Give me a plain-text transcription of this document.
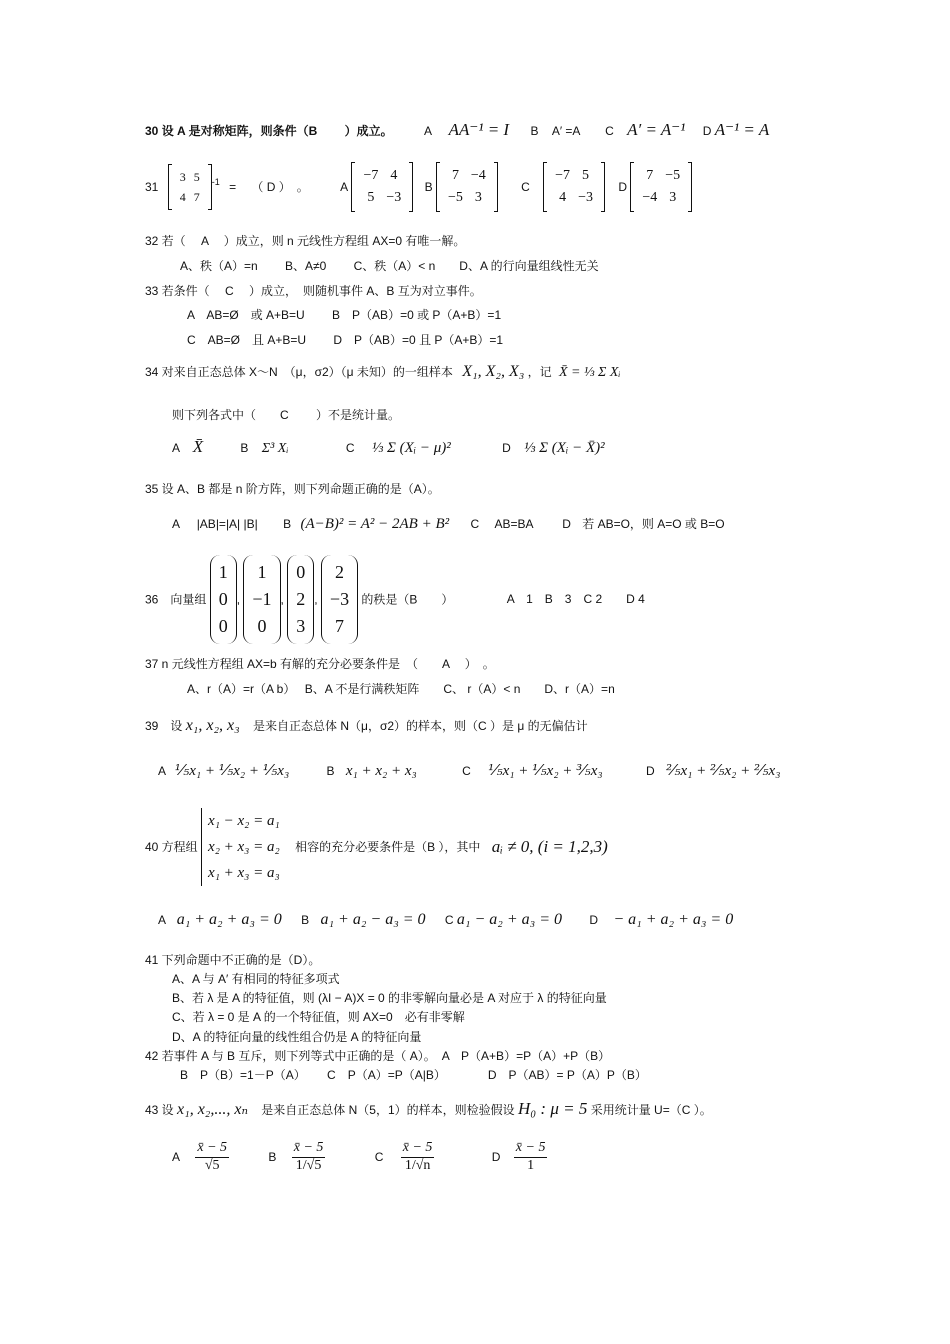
30 设 A 是对称矩阵，则条件（B　　 ）成立。	A AA⁻¹ = I B A′ =A C A′ = A⁻¹ D A⁻¹ = A
31
3	5
4	7
$^{-1}$ = （ D ）　。	A
−7	4
5	−3
B
7	−4
−5	3
C
−7	5
4	−3
D
7	−5
−4	3
32 若（　 A　 ）成立，则 n 元线性方程组 AX=0 有唯一解。
A、秩（A）=n　　 B、A≠0　　 C、秩（A）< n　　D、A 的行向量组线性无关
33 若条件（　 C　 ）成立，　则随机事件 A、B 互为对立事件。
A　AB=Ø　或 A+B=U　　 B　P（AB）=0 或 P（A+B）=1
C　AB=Ø　且 A+B=U　　 D　P（AB）=0 且 P（A+B）=1
34 对来自正态总体 X～N　（μ，σ2）（μ 未知）的一组样本 X₁, X₂, X₃ ，记 X̄ = ⅓ Σ Xᵢ
则下列各式中（　　C　　 ）不是统计量。
A X̄	B Σ³ Xᵢ	C ⅓ Σ (Xᵢ − μ)²	D ⅓ Σ (Xᵢ − X̄)²
35 设 A、B 都是 n 阶方阵，则下列命题正确的是（A）。
A |AB|=|A| |B| B (A−B)² = A² − 2AB + B² C AB=BA D 若 AB=O，则 A=O 或 B=O
36　向量组 1
0
0, 1
−1
0, 0
2
3, 2
−3
7 的秩是（B　　）	A　1　B　3　C 2　　D 4
37 n 元线性方程组 AX=b 有解的充分必要条件是　（　　A　 ）　。
A、r（A）=r（A b）　 B、A 不是行满秩矩阵　　C、 r（A）< n　　D、r（A）=n
39　设 x₁, x₂, x₃ 是来自正态总体 N（μ，σ2）的样本，则（C ）是 μ 的无偏估计
A ⅕x₁ + ⅕x₂ + ⅕x₃	B x₁ + x₂ + x₃	C ⅕x₁ + ⅕x₂ + ⅗x₃	D ⅖x₁ + ⅖x₂ + ⅖x₃
40 方程组 x₁ − x₂ = a₁
x₂ + x₃ = a₂
x₁ + x₃ = a₃ 相容的充分必要条件是（B ），其中 aᵢ ≠ 0, (i = 1,2,3)
A a₁ + a₂ + a₃ = 0 B a₁ + a₂ − a₃ = 0 C a₁ − a₂ + a₃ = 0 D − a₁ + a₂ + a₃ = 0
41 下列命题中不正确的是（D）。
A、A 与 A′ 有相同的特征多项式
B、若 λ 是 A 的特征值，则 (λI − A)X = 0 的非零解向量必是 A 对应于 λ 的特征向量
C、若 λ = 0 是 A 的一个特征值，则 AX=0　必有非零解
D、A 的特征向量的线性组合仍是 A 的特征向量
42 若事件 A 与 B 互斥，则下列等式中正确的是（ A）。　A　P（A+B）=P（A）+P（B）
B　P（B）=1－P（A）　　 C　P（A）=P（A|B）　　　　D　P（AB）= P（A）P（B）
43 设 x₁, x₂,..., xₙ 是来自正态总体 N（5，1）的样本，则检验假设 H₀ : μ = 5 采用统计量 U=（C ）。
A $\frac{x̄ - 5}{√5}$	B $\frac{x̄ - 5}{1/√5}$	C $\frac{x̄ - 5}{1/√n}$	D $\frac{x̄ - 5}{1}$
